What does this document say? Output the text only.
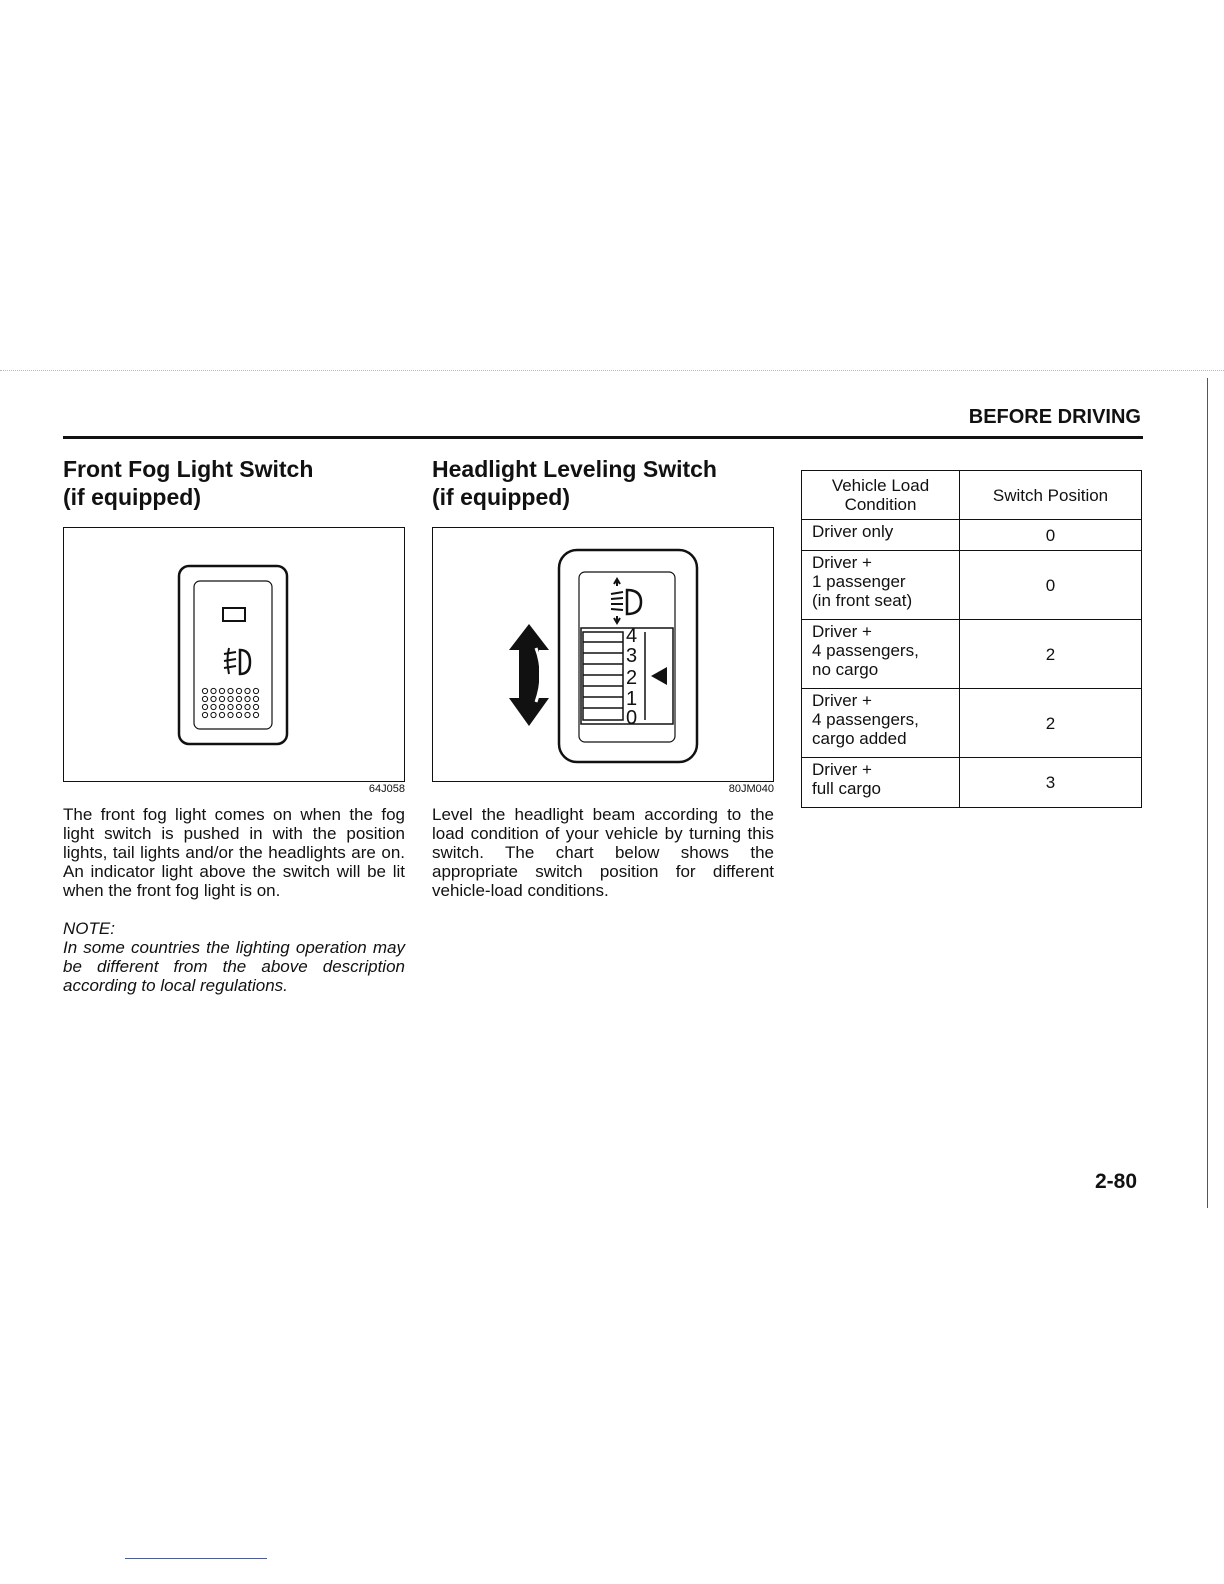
BEFORE DRIVING
Front Fog Light Switch
(if equipped)
64J058

The front fog light comes on when the fog light switch is pushed in with the position lights, tail lights and/or the headlights are on. An indicator light above the switch will be lit when the front fog light is on.

NOTE:

In some countries the lighting operation may be different from the above description according to local regulations.

Headlight Leveling Switch
(if equipped)
4
3
2
1
0
80JM040

Level the headlight beam according to the load condition of your vehicle by turning this switch. The chart below shows the appropriate switch position for different vehicle-load conditions.

Vehicle Load Condition	Switch Position

Driver only	0

Driver +
1 passenger
(in front seat)	0

Driver +
4 passengers,
no cargo	2

Driver +
4 passengers,
cargo added	2

Driver +
full cargo	3
2-80
